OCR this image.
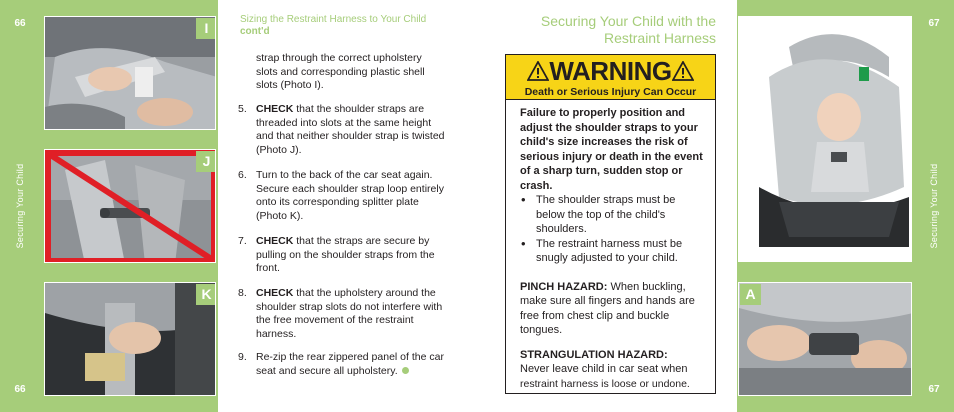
66
Securing Your Child
66
I
J
K
Sizing the Restraint Harness to Your Child
cont'd
strap through the correct upholstery slots and corresponding plastic shell slots (Photo I).
5. CHECK that the shoulder straps are threaded into slots at the same height and that neither shoulder strap is twisted (Photo J).
6. Turn to the back of the car seat again. Secure each shoulder strap loop entirely onto its corresponding splitter plate (Photo K).
7. CHECK that the straps are secure by pulling on the shoulder straps from the front.
8. CHECK that the upholstery around the shoulder strap slots do not interfere with the free movement of the restraint harness.
9. Re-zip the rear zippered panel of the car seat and secure all upholstery.
Securing Your Child with the
Restraint Harness
WARNING
Death or Serious Injury Can Occur
Failure to properly position and adjust the shoulder straps to your child's size increases the risk of serious injury or death in the event of a sharp turn, sudden stop or crash.
• The shoulder straps must be below the top of the child's shoulders.
• The restraint harness must be snugly adjusted to your child.
PINCH HAZARD: When buckling, make sure all fingers and hands are free from chest clip and buckle tongues.
STRANGULATION HAZARD:
Never leave child in car seat when
restraint harness is loose or undone.
A
67
Securing Your Child
67
